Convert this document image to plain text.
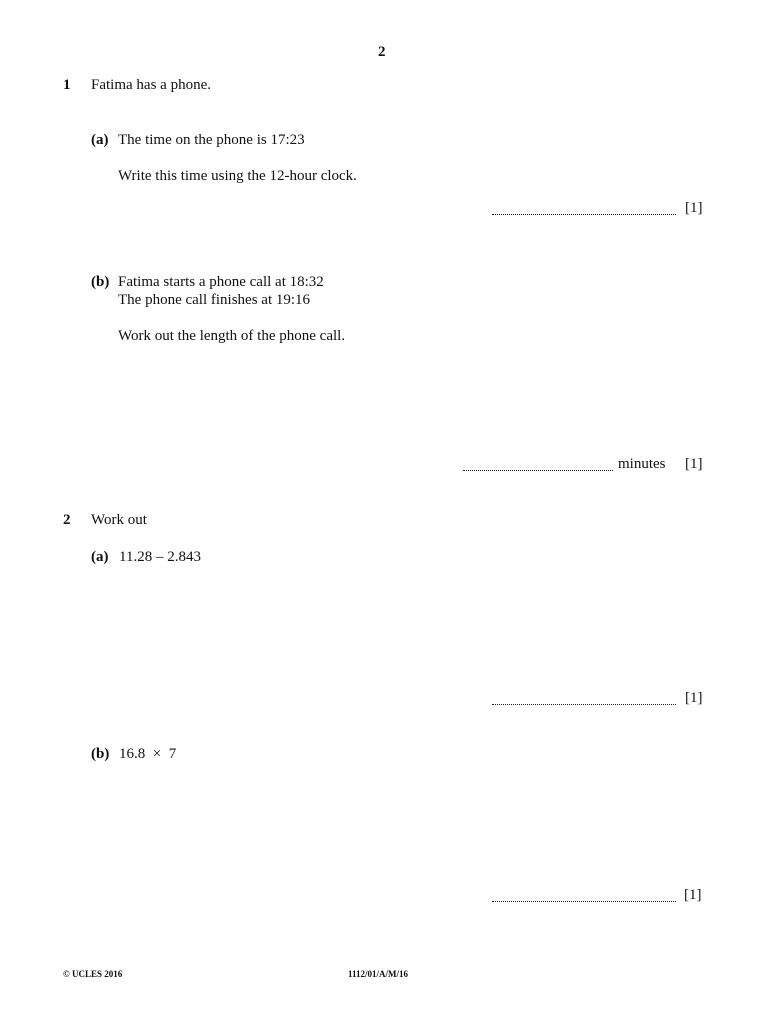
2
1 Fatima has a phone.
(a) The time on the phone is 17:23
Write this time using the 12-hour clock.
[1]
(b) Fatima starts a phone call at 18:32
The phone call finishes at 19:16
Work out the length of the phone call.
minutes [1]
2 Work out
(a) 11.28 – 2.843
[1]
(b) 16.8  ×  7
[1]
© UCLES 2016	1112/01/A/M/16
